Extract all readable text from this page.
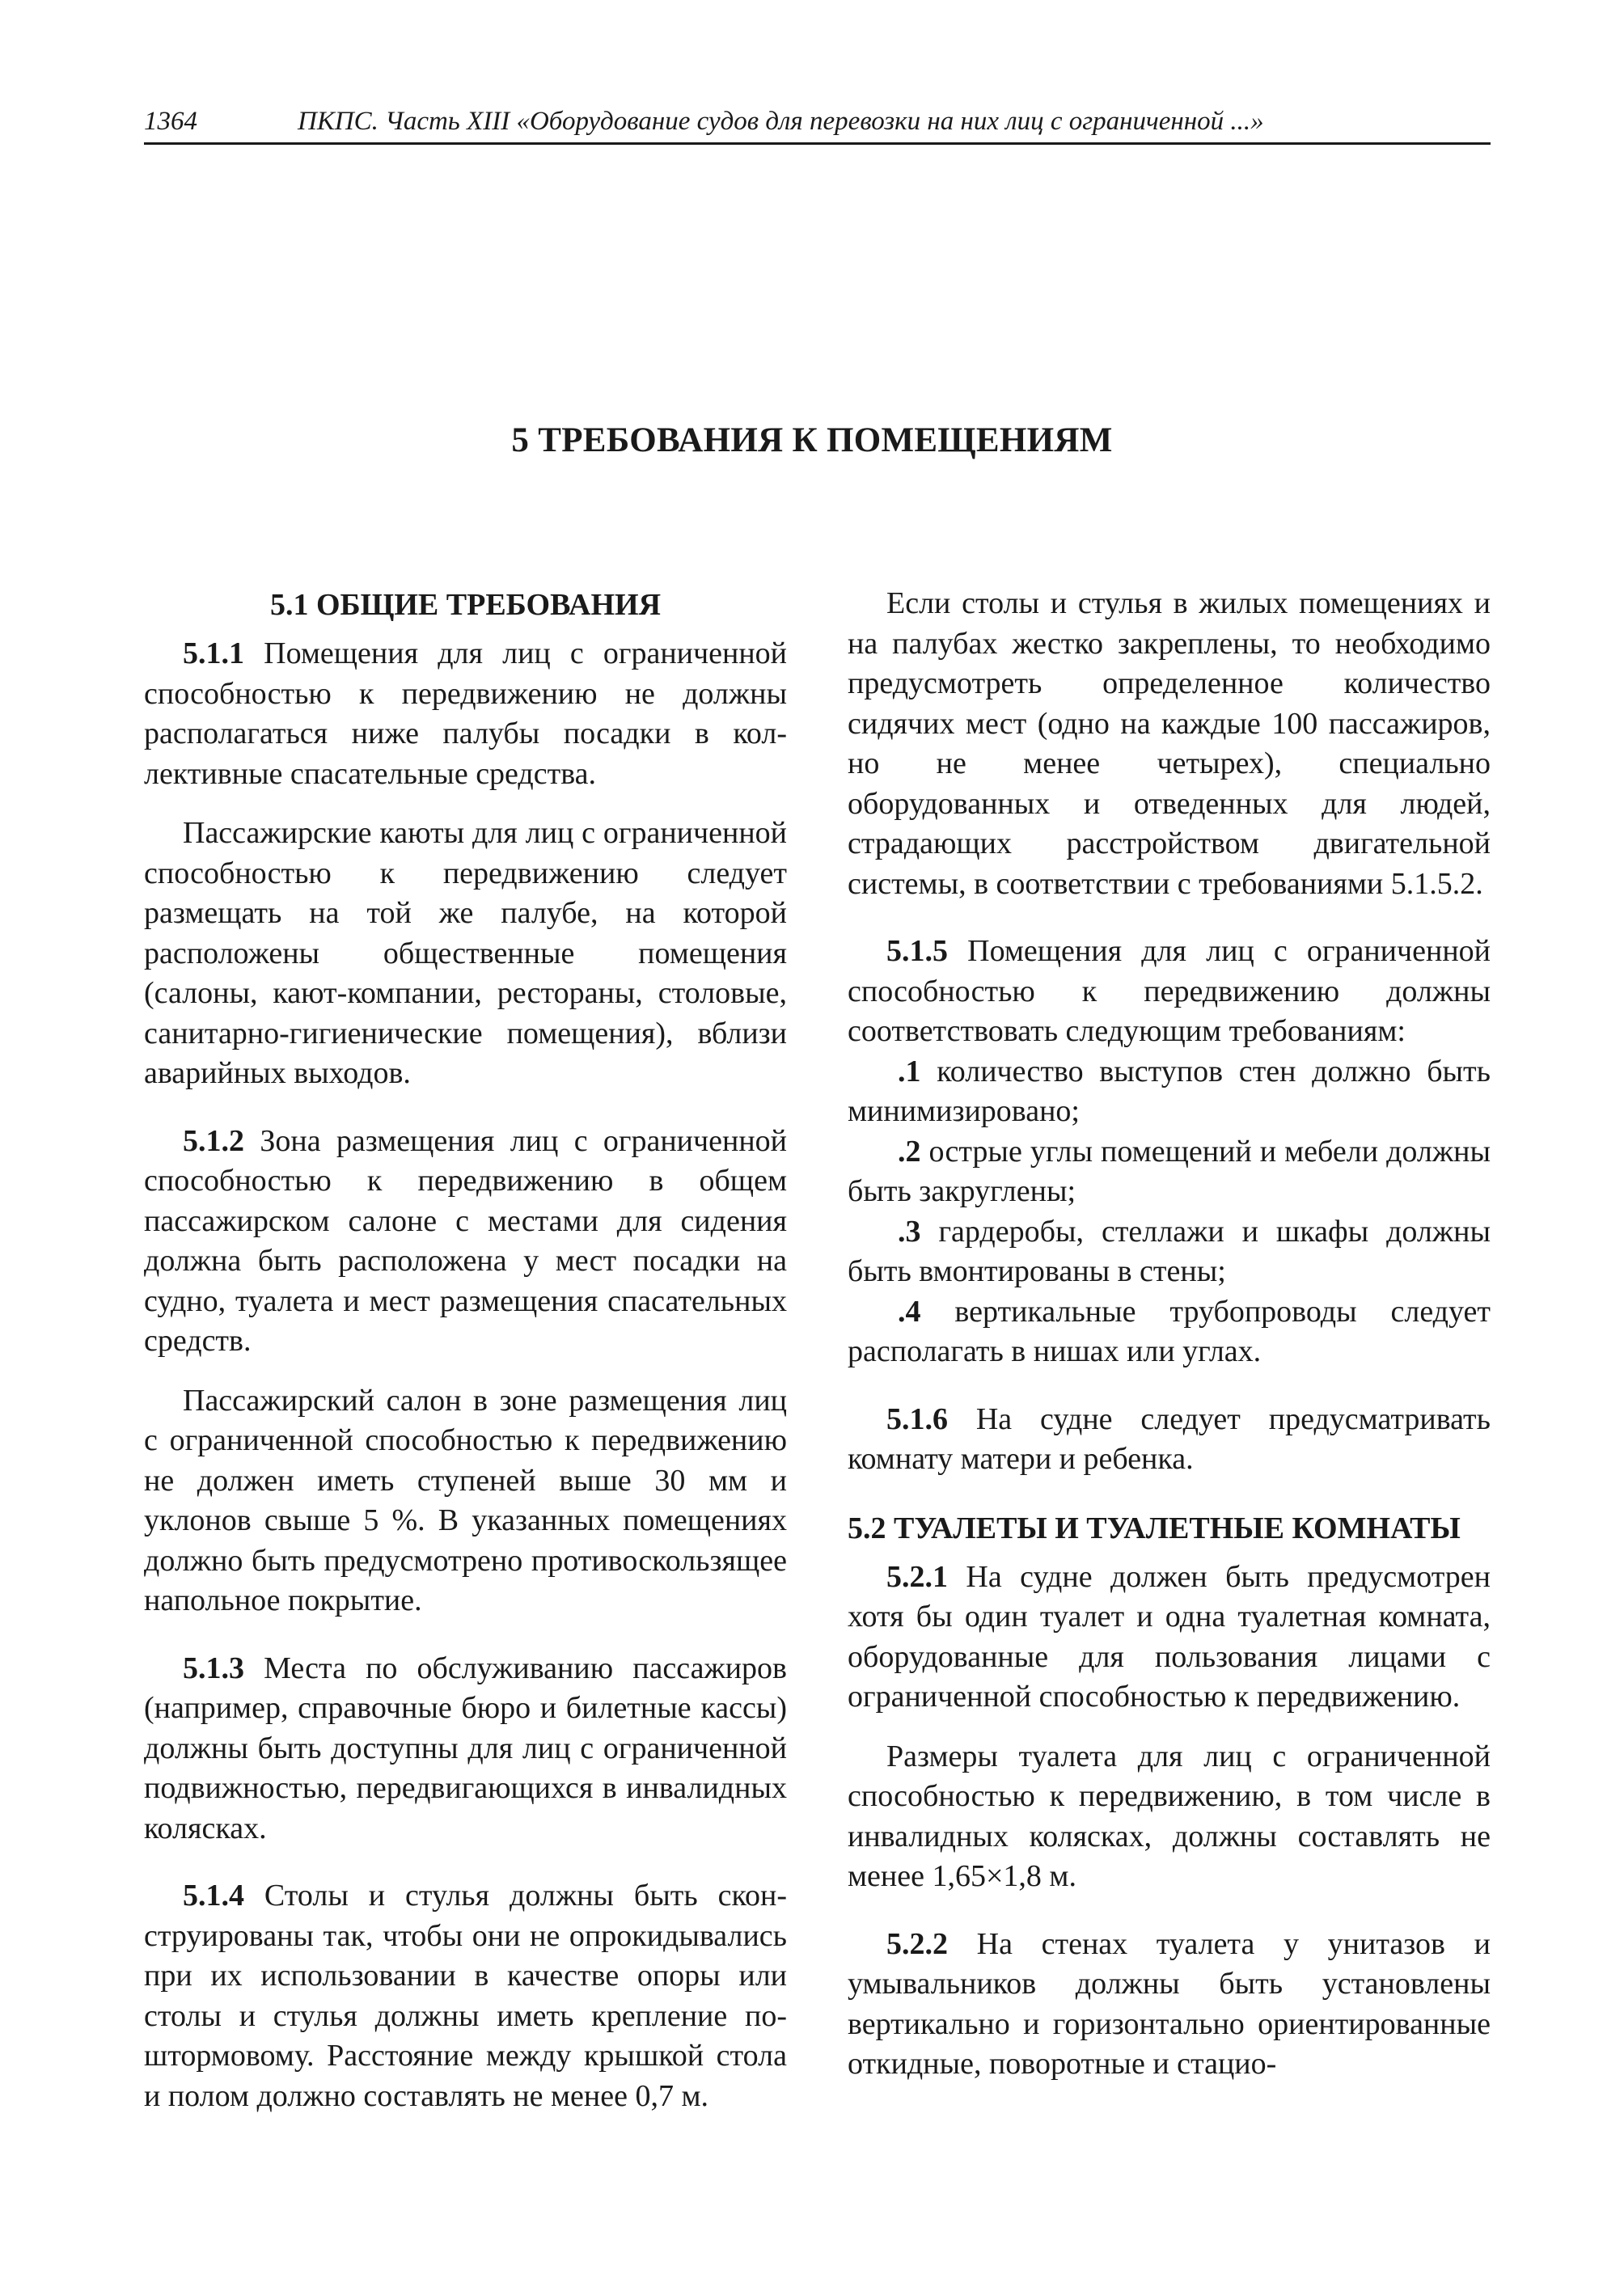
1364	ПКПС. Часть XIII «Оборудование судов для перевозки на них лиц с ограниченной ...»
5 ТРЕБОВАНИЯ К ПОМЕЩЕНИЯМ
5.1 ОБЩИЕ ТРЕБОВАНИЯ

5.1.1 Помещения для лиц с ограниченной способностью к передвижению не должны располагаться ниже палубы посадки в коллективные спасательные средства.

Пассажирские каюты для лиц с ограниченной способностью к передвижению следует размещать на той же палубе, на которой расположены общественные помещения (салоны, кают-компании, рестораны, столовые, санитарно-гигиенические помещения), вблизи аварийных выходов.

5.1.2 Зона размещения лиц с ограниченной способностью к передвижению в общем пассажирском салоне с местами для сидения должна быть расположена у мест посадки на судно, туалета и мест размещения спасательных средств.

Пассажирский салон в зоне размещения лиц с ограниченной способностью к передвижению не должен иметь ступеней выше 30 мм и уклонов свыше 5 %. В указанных помещениях должно быть предусмотрено противоскользящее напольное покрытие.

5.1.3 Места по обслуживанию пассажиров (например, справочные бюро и билетные кассы) должны быть доступны для лиц с ограниченной подвижностью, передвигающихся в инвалидных колясках.

5.1.4 Столы и стулья должны быть сконструированы так, чтобы они не опрокидывались при их использовании в качестве опоры или столы и стулья должны иметь крепление по-штормовому. Расстояние между крышкой стола и полом должно составлять не менее 0,7 м.

Если столы и стулья в жилых помещениях и на палубах жестко закреплены, то необходимо предусмотреть определенное количество сидячих мест (одно на каждые 100 пассажиров, но не менее четырех), специально оборудованных и отведенных для людей, страдающих расстройством двигательной системы, в соответствии с требованиями 5.1.5.2.

5.1.5 Помещения для лиц с ограниченной способностью к передвижению должны соответствовать следующим требованиям:

.1 количество выступов стен должно быть минимизировано;

.2 острые углы помещений и мебели должны быть закруглены;

.3 гардеробы, стеллажи и шкафы должны быть вмонтированы в стены;

.4 вертикальные трубопроводы следует располагать в нишах или углах.

5.1.6 На судне следует предусматривать комнату матери и ребенка.

5.2 ТУАЛЕТЫ И ТУАЛЕТНЫЕ КОМНАТЫ

5.2.1 На судне должен быть предусмотрен хотя бы один туалет и одна туалетная комната, оборудованные для пользования лицами с ограниченной способностью к передвижению.

Размеры туалета для лиц с ограниченной способностью к передвижению, в том числе в инвалидных колясках, должны составлять не менее 1,65×1,8 м.

5.2.2 На стенах туалета у унитазов и умывальников должны быть установлены вертикально и горизонтально ориентированные откидные, поворотные и стацио-
